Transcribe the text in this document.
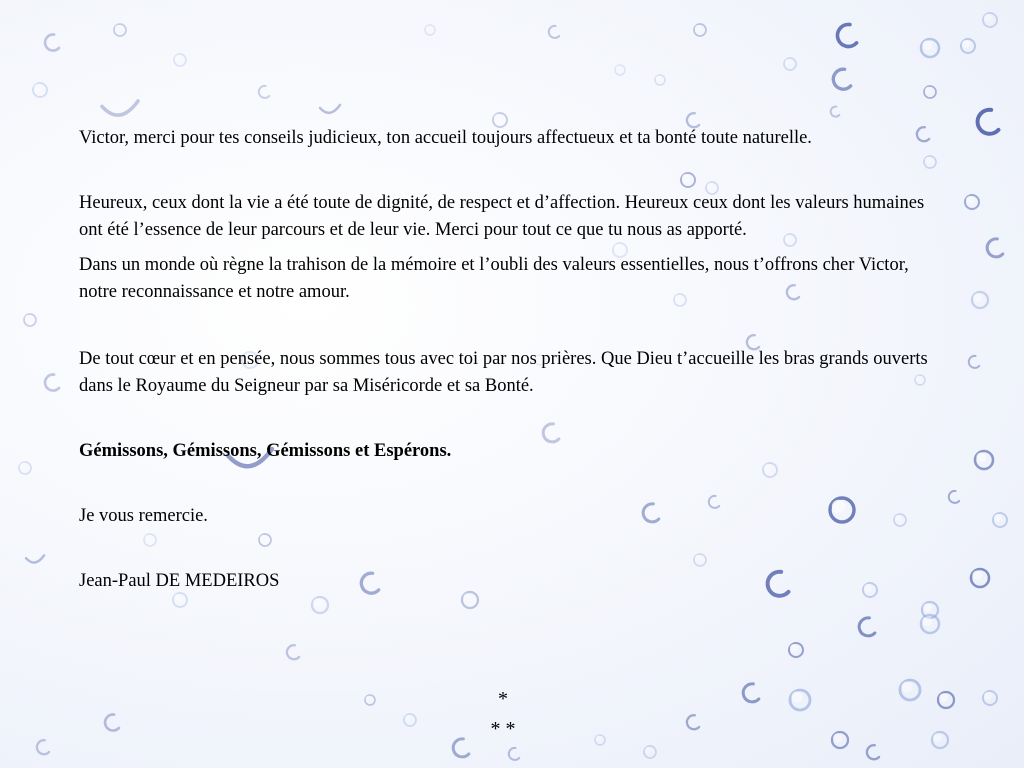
Victor, merci pour tes conseils judicieux, ton accueil toujours affectueux et ta bonté toute naturelle.

Heureux, ceux dont la vie a été toute de dignité, de respect et d’affection. Heureux ceux dont les valeurs humaines ont été l’essence de leur parcours et de leur vie. Merci pour tout ce que tu nous as apporté.

Dans un monde où règne la trahison de la mémoire et l’oubli des valeurs essentielles, nous t’offrons cher Victor, notre reconnaissance et notre amour.

De tout cœur et en pensée, nous sommes tous avec toi par nos prières. Que Dieu t’accueille les bras grands ouverts dans le Royaume du Seigneur par sa Miséricorde et sa Bonté.

Gémissons, Gémissons, Gémissons et Espérons.

Je vous remercie.

Jean-Paul DE MEDEIROS

*
* *
